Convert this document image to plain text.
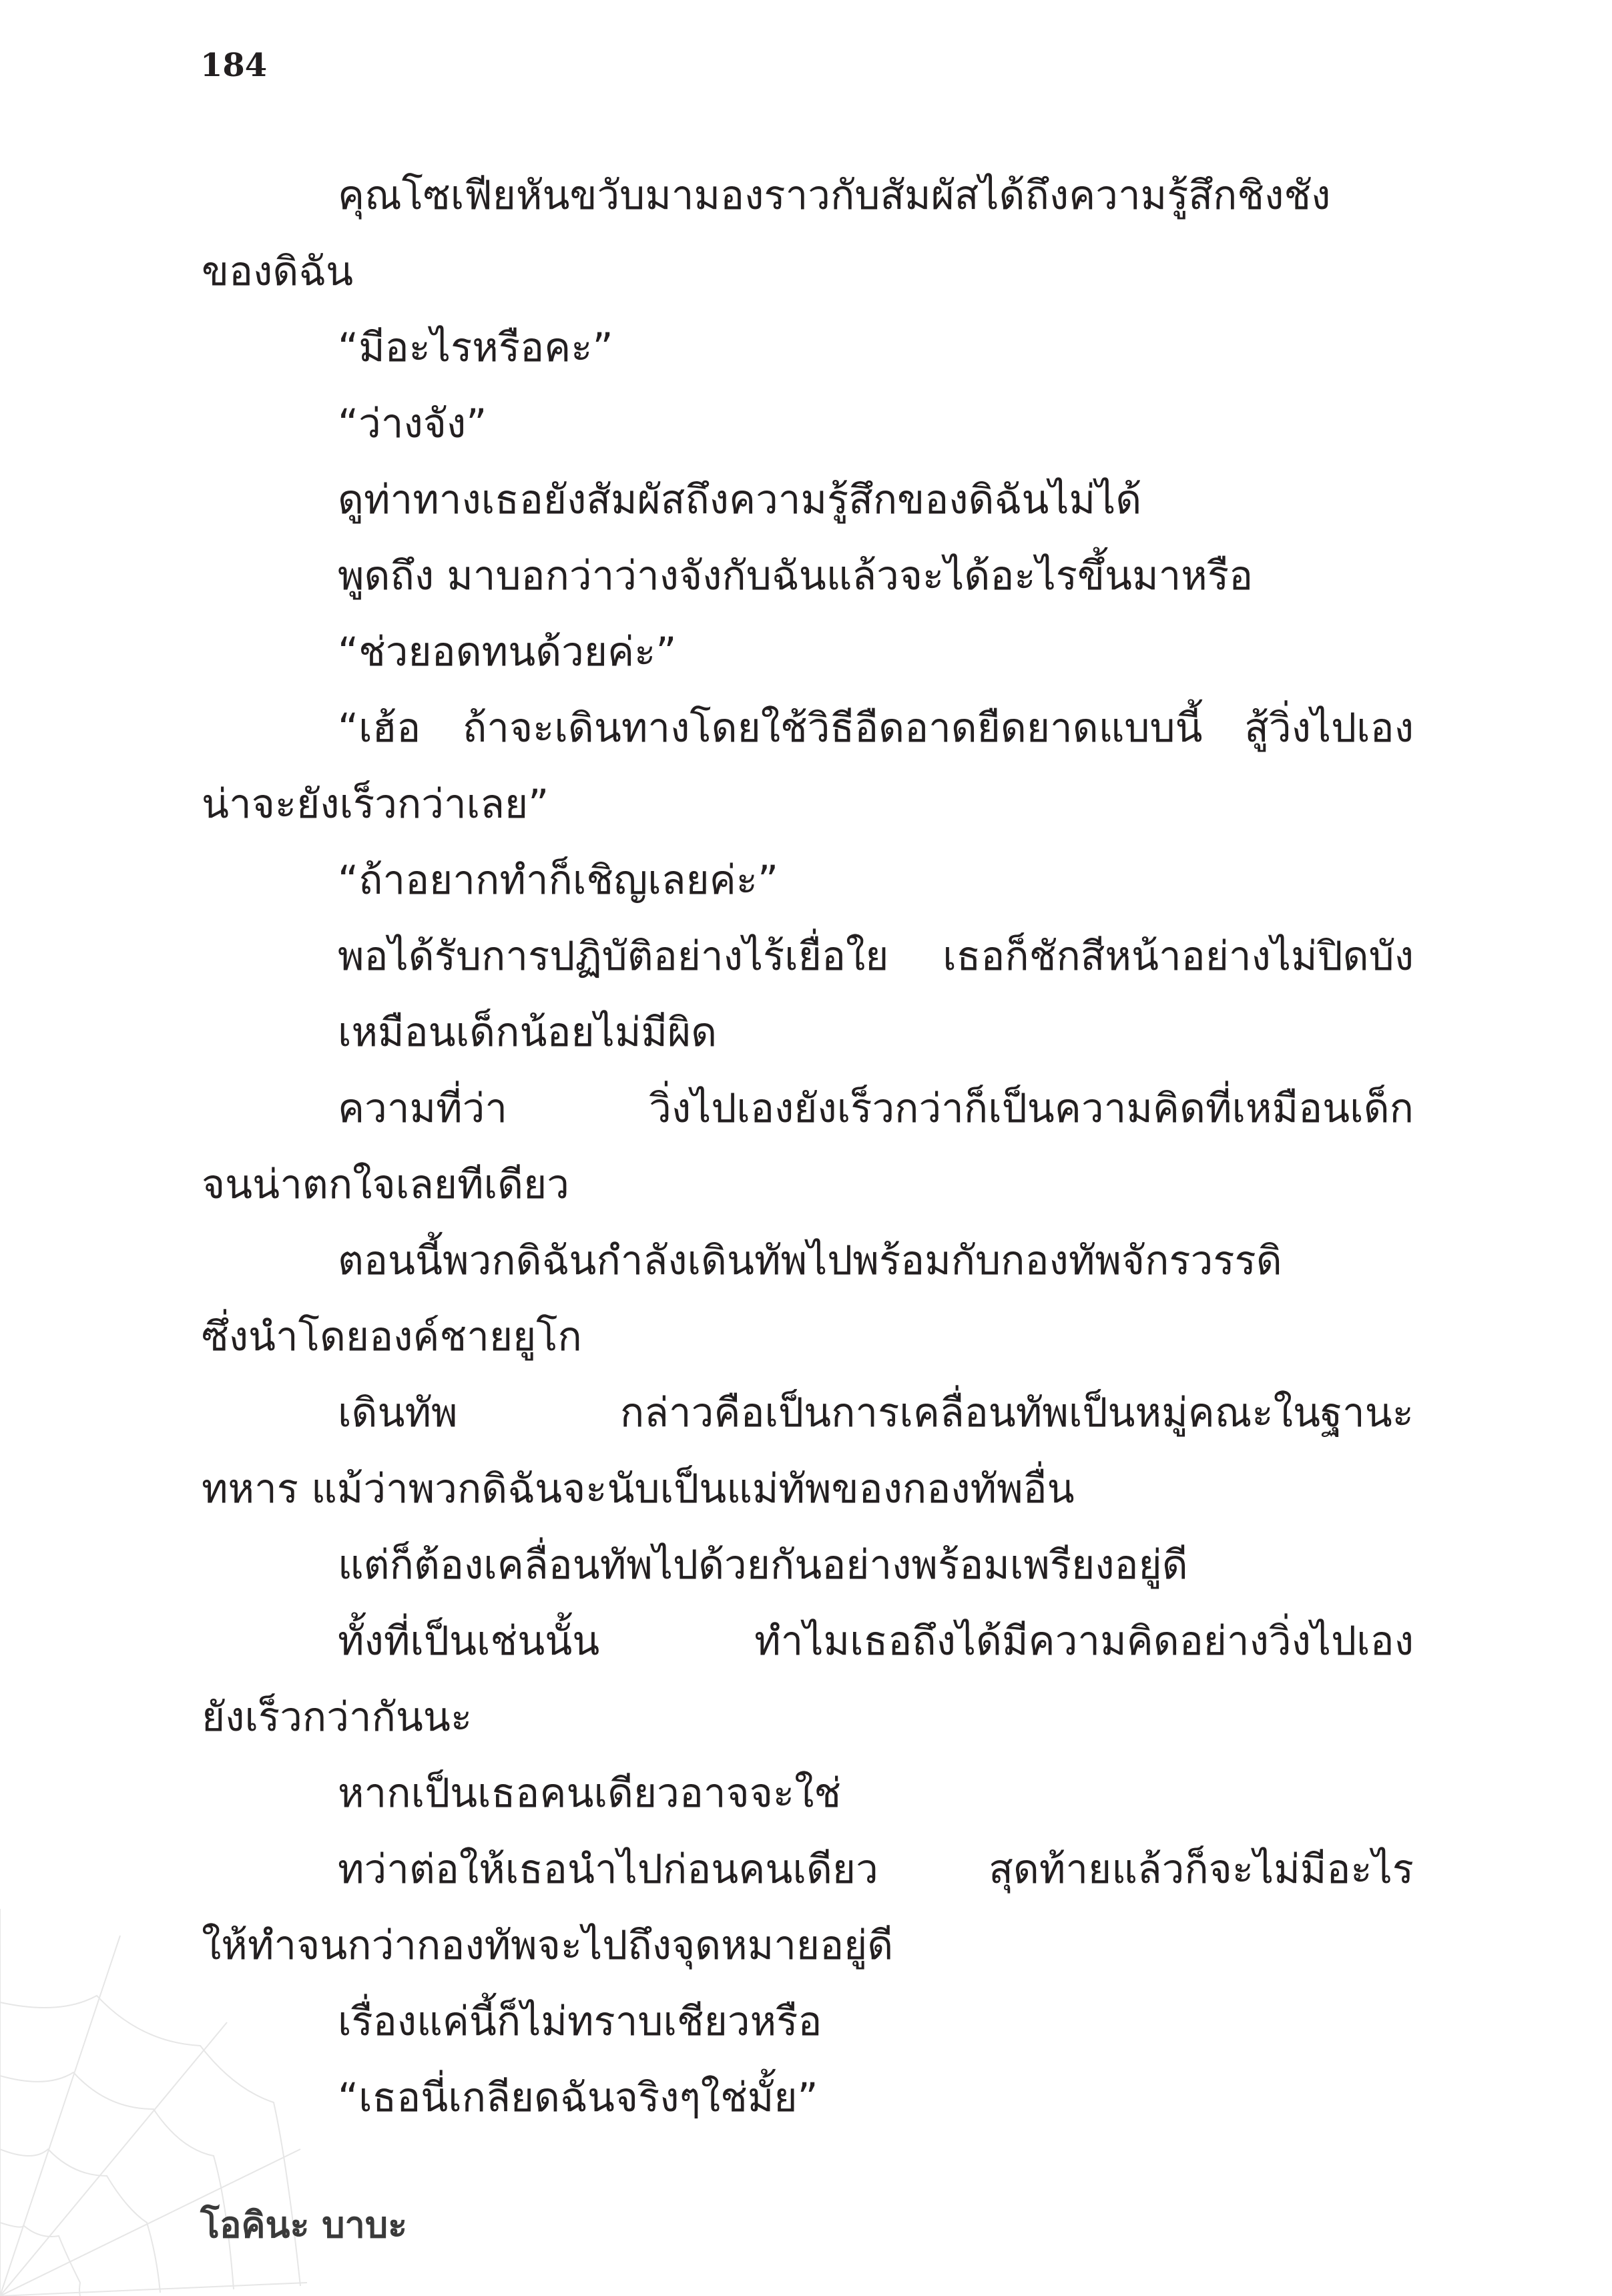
184
คุณโซเฟียหันขวับมามองราวกับสัมผัสได้ถึงความรู้สึกชิงชัง
ของดิฉัน
“มีอะไรหรือคะ”
“ว่างจัง”
ดูท่าทางเธอยังสัมผัสถึงความรู้สึกของดิฉันไม่ได้
พูดถึง มาบอกว่าว่างจังกับฉันแล้วจะได้อะไรขึ้นมาหรือ
“ช่วยอดทนด้วยค่ะ”
“เฮ้อ ถ้าจะเดินทางโดยใช้วิธีอืดอาดยืดยาดแบบนี้ สู้วิ่งไปเอง
น่าจะยังเร็วกว่าเลย”
“ถ้าอยากทำก็เชิญเลยค่ะ”
พอได้รับการปฏิบัติอย่างไร้เยื่อใย เธอก็ชักสีหน้าอย่างไม่ปิดบัง
เหมือนเด็กน้อยไม่มีผิด
ความที่ว่า วิ่งไปเองยังเร็วกว่าก็เป็นความคิดที่เหมือนเด็ก
จนน่าตกใจเลยทีเดียว
ตอนนี้พวกดิฉันกำลังเดินทัพไปพร้อมกับกองทัพจักรวรรดิ
ซึ่งนำโดยองค์ชายยูโก
เดินทัพ กล่าวคือเป็นการเคลื่อนทัพเป็นหมู่คณะในฐานะ
ทหาร แม้ว่าพวกดิฉันจะนับเป็นแม่ทัพของกองทัพอื่น
แต่ก็ต้องเคลื่อนทัพไปด้วยกันอย่างพร้อมเพรียงอยู่ดี
ทั้งที่เป็นเช่นนั้น ทำไมเธอถึงได้มีความคิดอย่างวิ่งไปเอง
ยังเร็วกว่ากันนะ
หากเป็นเธอคนเดียวอาจจะใช่
ทว่าต่อให้เธอนำไปก่อนคนเดียว สุดท้ายแล้วก็จะไม่มีอะไร
ให้ทำจนกว่ากองทัพจะไปถึงจุดหมายอยู่ดี
เรื่องแค่นี้ก็ไม่ทราบเชียวหรือ
“เธอนี่เกลียดฉันจริงๆใช่มั้ย”
โอคินะ บาบะ
